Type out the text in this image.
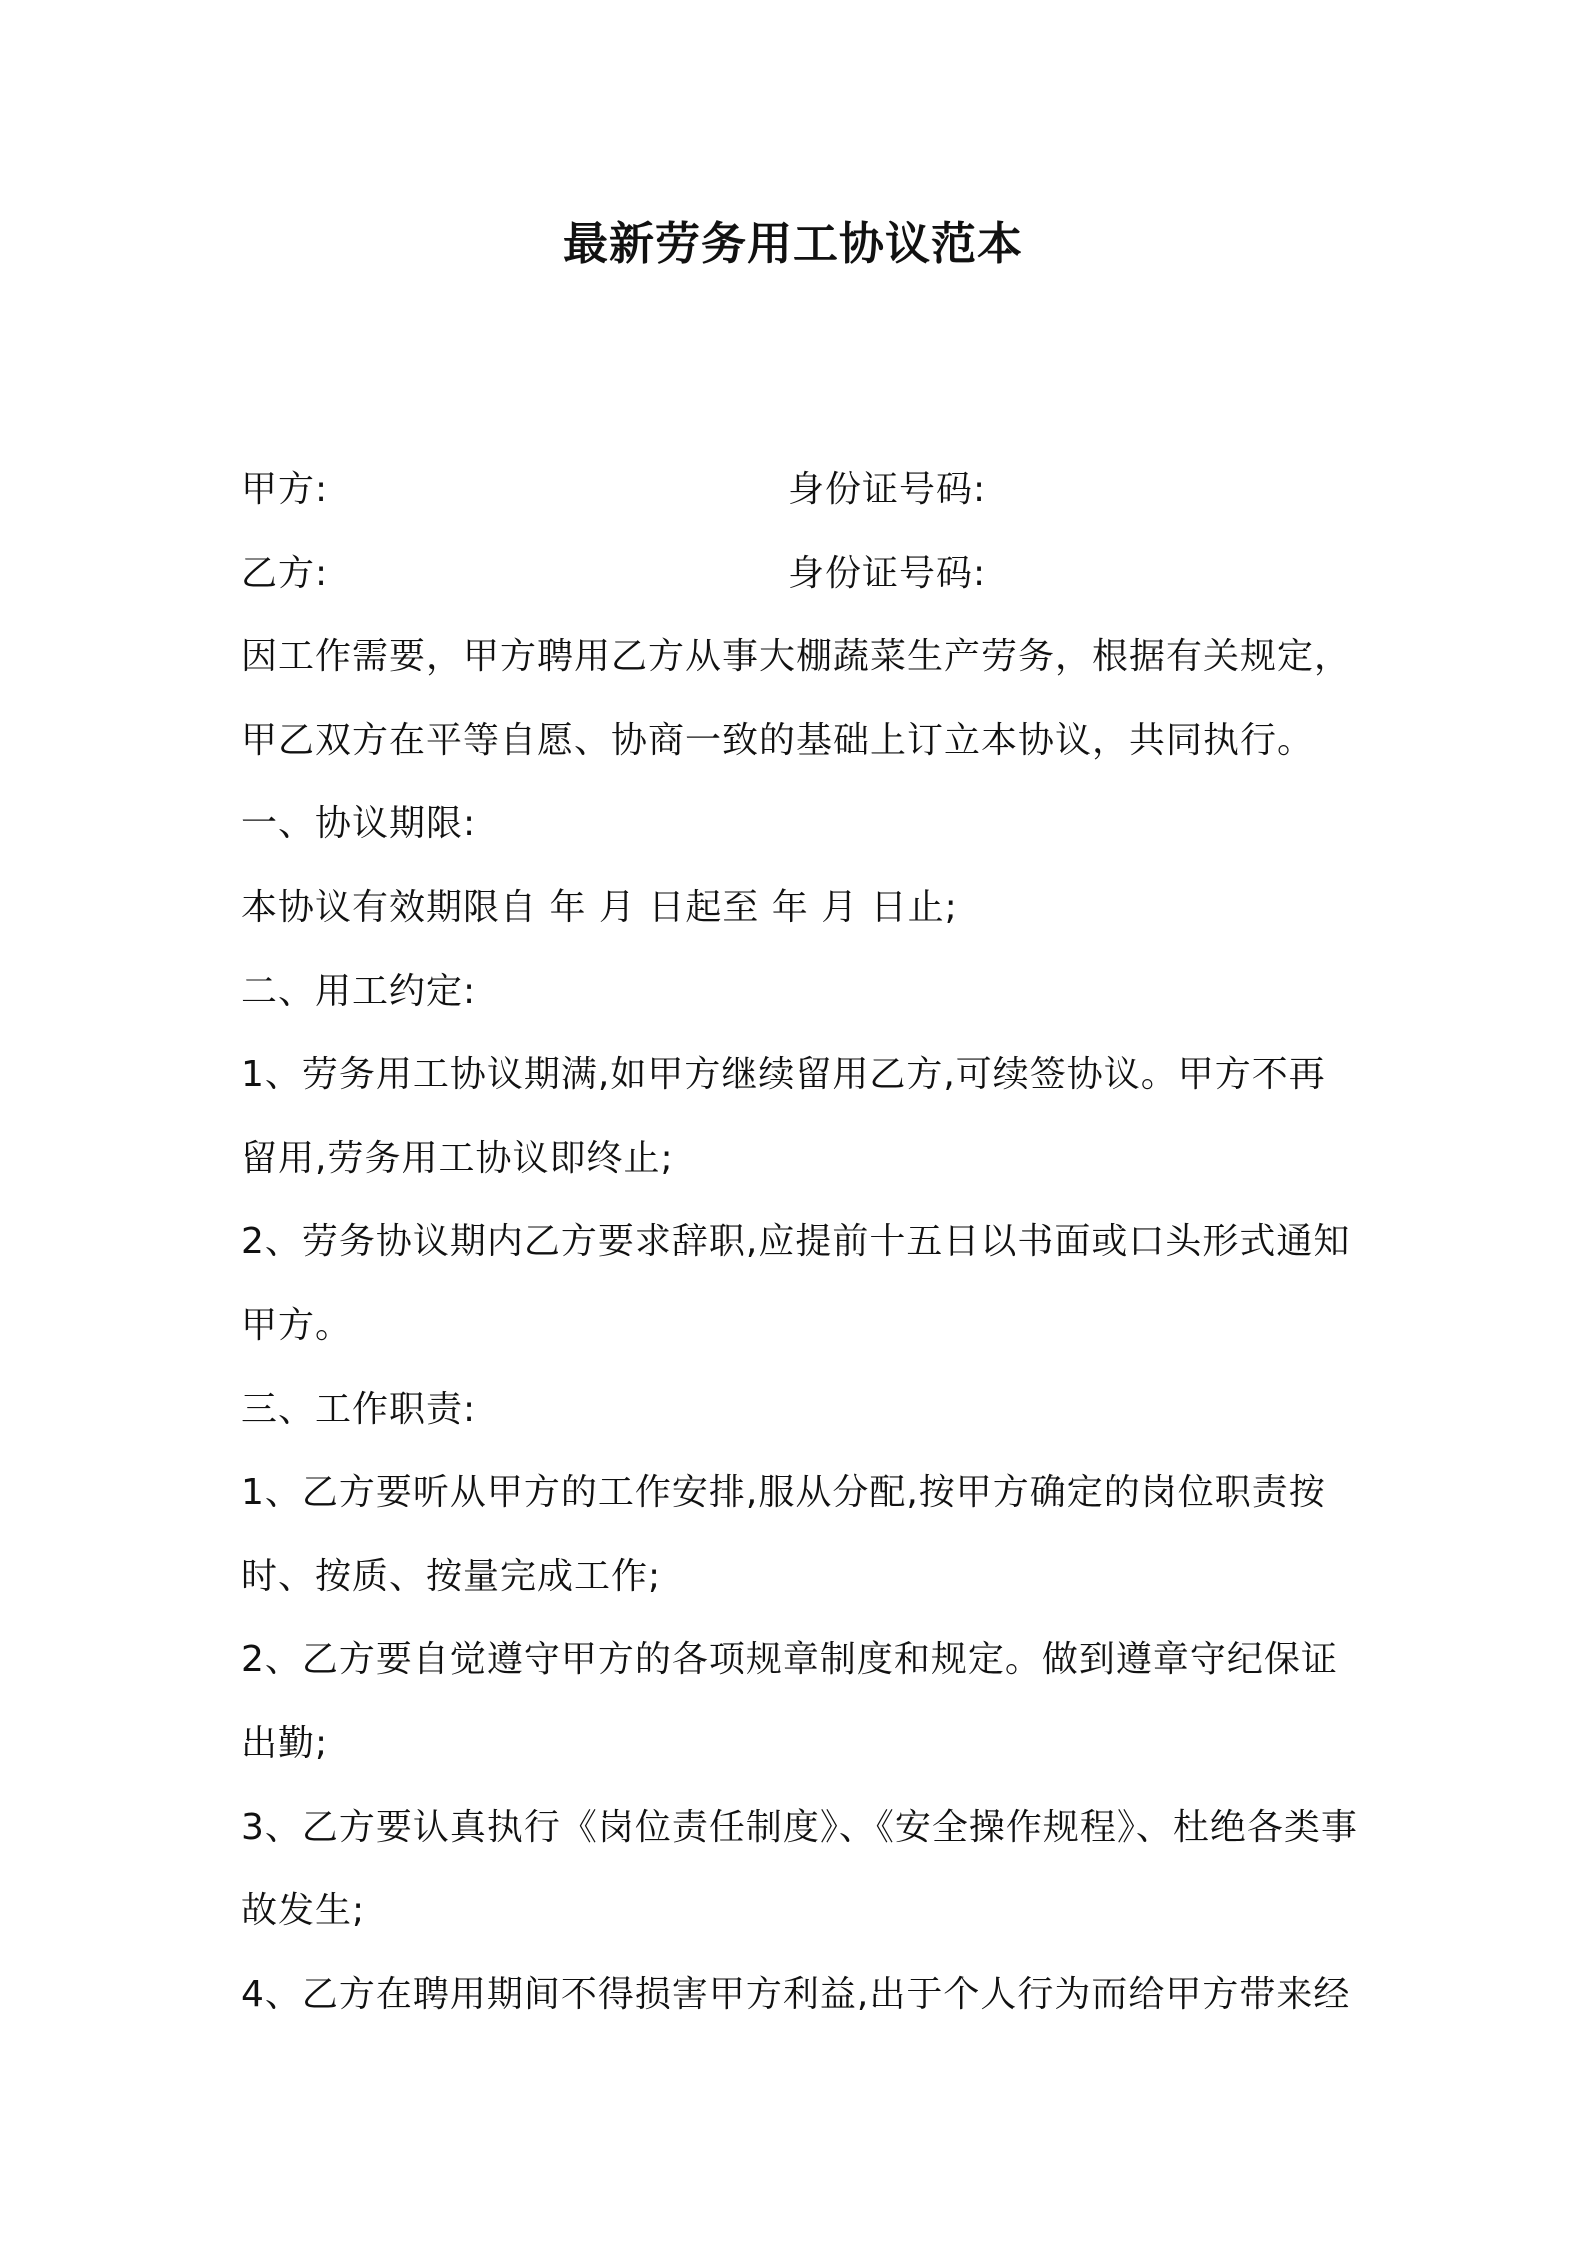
最新劳务用工协议范本
甲方:	身份证号码:
乙方:	身份证号码:
因工作需要，甲方聘用乙方从事大棚蔬菜生产劳务，根据有关规定，
甲乙双方在平等自愿、协商一致的基础上订立本协议，共同执行。
一、协议期限:
本协议有效期限自 年 月 日起至 年 月 日止;
二、用工约定:
1、劳务用工协议期满,如甲方继续留用乙方,可续签协议。甲方不再
留用,劳务用工协议即终止;
2、劳务协议期内乙方要求辞职,应提前十五日以书面或口头形式通知
甲方。
三、工作职责:
1、乙方要听从甲方的工作安排,服从分配,按甲方确定的岗位职责按
时、按质、按量完成工作;
2、乙方要自觉遵守甲方的各项规章制度和规定。做到遵章守纪保证
出勤;
3、乙方要认真执行《岗位责任制度》、《安全操作规程》、杜绝各类事
故发生;
4、乙方在聘用期间不得损害甲方利益,出于个人行为而给甲方带来经
